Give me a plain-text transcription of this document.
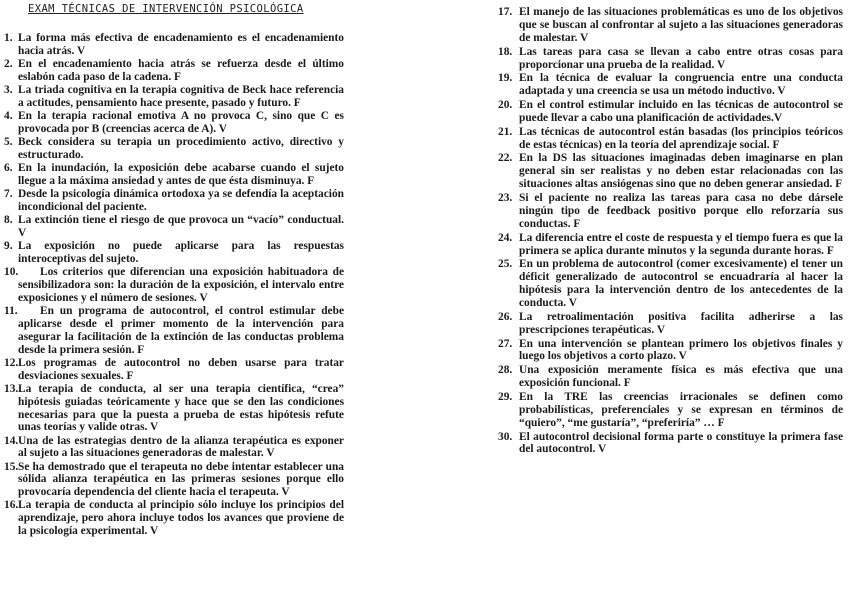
EXAM TÉCNICAS DE INTERVENCIÓN PSICOLÓGICA
1. La forma más efectiva de encadenamiento es el encadenamiento hacia atrás. V
2. En el encadenamiento hacia atrás se refuerza desde el último eslabón cada paso de la cadena. F
3. La triada cognitiva en la terapia cognitiva de Beck hace referencia a actitudes, pensamiento hace presente, pasado y futuro. F
4. En la terapia racional emotiva A no provoca C, sino que C es provocada por B (creencias acerca de A). V
5. Beck considera su terapia un procedimiento activo, directivo y estructurado.
6. En la inundación, la exposición debe acabarse cuando el sujeto llegue a la máxima ansiedad y antes de que ésta disminuya. F
7. Desde la psicología dinámica ortodoxa ya se defendía la aceptación incondicional del paciente.
8. La extinción tiene el riesgo de que provoca un “vacío” conductual. V
9. La exposición no puede aplicarse para las respuestas interoceptivas del sujeto.
10.	Los criterios que diferencian una exposición habituadora de sensibilizadora son: la duración de la exposición, el intervalo entre exposiciones y el número de sesiones. V
11.	En un programa de autocontrol, el control estimular debe aplicarse desde el primer momento de la intervención para asegurar la facilitación de la extinción de las conductas problema desde la primera sesión. F
12. Los programas de autocontrol no deben usarse para tratar desviaciones sexuales. F
13. La terapia de conducta, al ser una terapia científica, “crea” hipótesis guiadas teóricamente y hace que se den las condiciones necesarias para que la puesta a prueba de estas hipótesis refute unas teorías y valide otras. V
14. Una de las estrategias dentro de la alianza terapéutica es exponer al sujeto a las situaciones generadoras de malestar. V
15. Se ha demostrado que el terapeuta no debe intentar establecer una sólida alianza terapéutica en las primeras sesiones porque ello provocaría dependencia del cliente hacia el terapeuta. V
16. La terapia de conducta al principio sólo incluye los principios del aprendizaje, pero ahora incluye todos los avances que proviene de la psicología experimental. V
17. El manejo de las situaciones problemáticas es uno de los objetivos que se buscan al confrontar al sujeto a las situaciones generadoras de malestar. V
18. Las tareas para casa se llevan a cabo entre otras cosas para proporcionar una prueba de la realidad. V
19. En la técnica de evaluar la congruencia entre una conducta adaptada y una creencia se usa un método inductivo. V
20. En el control estimular incluido en las técnicas de autocontrol se puede llevar a cabo una planificación de actividades.V
21. Las técnicas de autocontrol están basadas (los principios teóricos de estas técnicas) en la teoría del aprendizaje social. F
22. En la DS las situaciones imaginadas deben imaginarse en plan general sin ser realistas y no deben estar relacionadas con las situaciones altas ansiógenas sino que no deben generar ansiedad. F
23. Si el paciente no realiza las tareas para casa no debe dársele ningún tipo de feedback positivo porque ello reforzaría sus conductas. F
24. La diferencia entre el coste de respuesta y el tiempo fuera es que la primera se aplica durante minutos y la segunda durante horas. F
25. En un problema de autocontrol (comer excesivamente) el tener un déficit generalizado de autocontrol se encuadraría al hacer la hipótesis para la intervención dentro de los antecedentes de la conducta. V
26. La retroalimentación positiva facilita adherirse a las prescripciones terapéuticas. V
27. En una intervención se plantean primero los objetivos finales y luego los objetivos a corto plazo. V
28. Una exposición meramente física es más efectiva que una exposición funcional. F
29. En la TRE las creencias irracionales se definen como probabilísticas, preferenciales y se expresan en términos de “quiero”, “me gustaría”, “preferiría” … F
30. El autocontrol decisional forma parte o constituye la primera fase del autocontrol. V
